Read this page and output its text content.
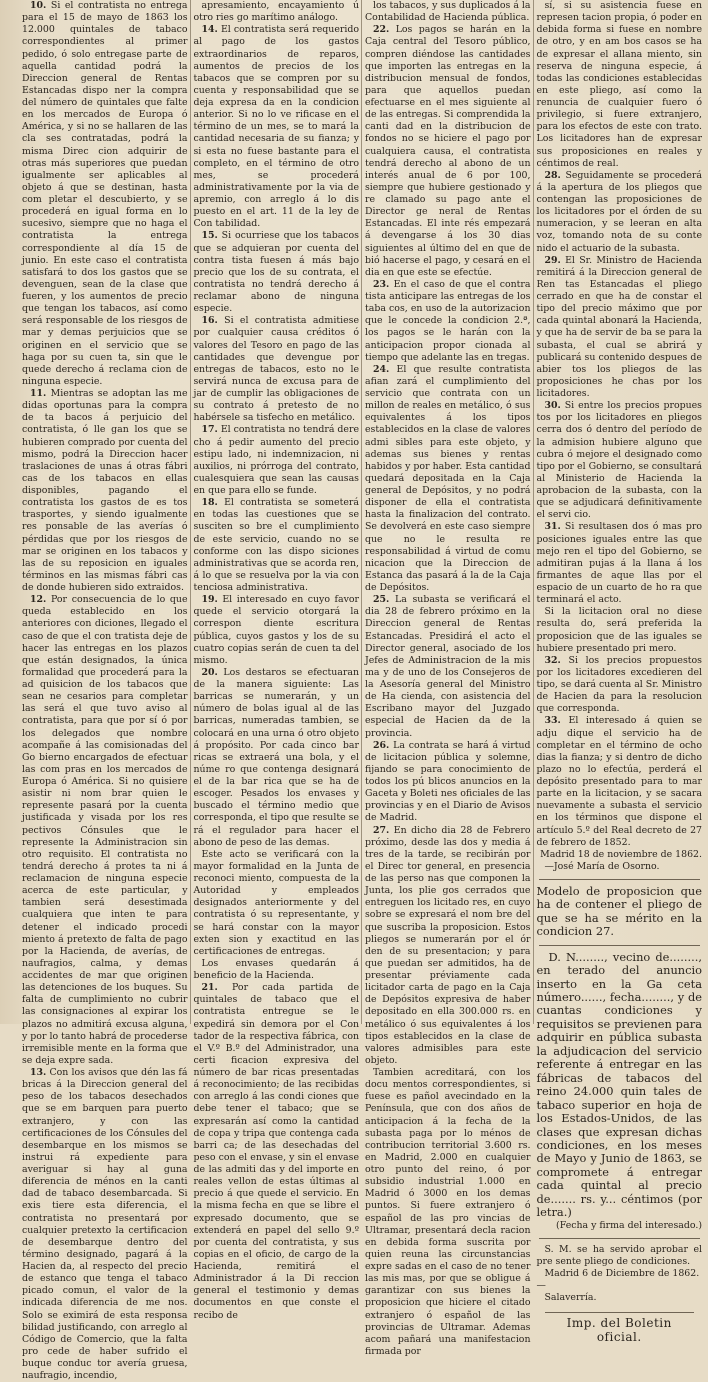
10. Si el contratista no entrega para el 15 de mayo de 1863 los 12.000 quintales de tabaco correspondientes al primer pedido, ó solo entregase parte de aquella cantidad podrá la Direccion general de Rentas Estancadas dispo ner la compra del número de quintales que falte en los mercados de Europa ó América, y si no se hallaren de las cla ses contratadas, podrá la misma Direc cion adquirir de otras más superiores que puedan igualmente ser aplicables al objeto á que se destinan, hasta com pletar el descubierto, y se procederá en igual forma en lo sucesivo, siempre que no haga el contratista la entrega correspondiente al día 15 de junio. En este caso el contratista satisfará to dos los gastos que se devenguen, sean de la clase que fueren, y los aumentos de precio que tengan los tabacos, así como será responsable de los riesgos de mar y demas perjuicios que se originen en el servicio que se haga por su cuen ta, sin que le quede derecho á reclama cion de ninguna especie.

11. Mientras se adoptan las me didas oportunas para la compra de ta bacos á perjuicio del contratista, ó lle gan los que se hubieren comprado por cuenta del mismo, podrá la Direccion hacer traslaciones de unas á otras fábri cas de los tabacos en ellas disponibles, pagando el contratista los gastos de es tos trasportes, y siendo igualmente res ponsable de las averías ó pérdidas que por los riesgos de mar se originen en los tabacos y las de su reposicion en iguales términos en las mismas fábri cas de donde hubieren sido extraidos.

12. Por consecuencia de lo que queda establecido en los anteriores con diciones, llegado el caso de que el con tratista deje de hacer las entregas en los plazos que están designados, la única formalidad que procederá para la ad quisicion de los tabacos que sean ne cesarios para completar las será el que tuvo aviso al contratista, para que por sí ó por los delegados que nombre acompañe á las comisionadas del Go bierno encargados de efectuar las com pras en los mercados de Europa ó América. Si no quisiere asistir ni nom brar quien le represente pasará por la cuenta justificada y visada por los res pectivos Cónsules que le represente la Administracion sin otro requisito. El contratista no tendrá derecho á protes ta ni á reclamacion de ninguna especie acerca de este particular, y tambien será desestimada cualquiera que inten te para detener el indicado procedi miento á pretexto de falta de pago por la Hacienda, de averías, de naufragios, calma, y demas accidentes de mar que originen las detenciones de los buques. Su falta de cumplimiento no cubrir las consignaciones al expirar los plazos no admitirá excusa alguna, y por lo tanto habrá de procederse irremisible mente en la forma que se deja expre sada.

13. Con los avisos que dén las fá bricas á la Direccion general del peso de los tabacos desechados que se em barquen para puerto extranjero, y con las certificaciones de los Cónsules del desembarque en los mismos se instrui rá expediente para averiguar si hay al guna diferencia de ménos en la canti dad de tabaco desembarcada. Si exis tiere esta diferencia, el contratista no presentará por cualquier pretexto la certificacion de desembarque dentro del término designado, pagará á la Hacien da, al respecto del precio de estanco que tenga el tabaco picado comun, el valor de la indicada diferencia de me nos. Solo se eximirá de esta responsa bilidad justificando, con arreglo al Código de Comercio, que la falta pro cede de haber sufrido el buque conduc tor avería gruesa, naufragio, incendio,

apresamiento, encayamiento ú otro ries go marítimo análogo.

14. El contratista será requerido al pago de los gastos extraordinarios de reparos, aumentos de precios de los tabacos que se compren por su cuenta y responsabilidad que se deja expresa da en la condicion anterior. Si no lo ve rificase en el término de un mes, se to mará la cantidad necesaria de su fianza; y si esta no fuese bastante para el completo, en el término de otro mes, se procederá administrativamente por la via de apremio, con arreglo á lo dis puesto en el art. 11 de la ley de Con tabilidad.

15. Si ocurriese que los tabacos que se adquieran por cuenta del contra tista fuesen á más bajo precio que los de su contrata, el contratista no tendrá derecho á reclamar abono de ninguna especie.

16. Si el contratista admitiese por cualquier causa créditos ó valores del Tesoro en pago de las cantidades que devengue por entregas de tabacos, esto no le servirá nunca de excusa para de jar de cumplir las obligaciones de su contrato á pretesto de no habérsele sa tisfecho en metálico.

17. El contratista no tendrá dere cho á pedir aumento del precio estipu lado, ni indemnizacion, ni auxilios, ni prórroga del contrato, cualesquiera que sean las causas en que para ello se funde.

18. El contratista se someterá en todas las cuestiones que se susciten so bre el cumplimiento de este servicio, cuando no se conforme con las dispo siciones administrativas que se acorda ren, á lo que se resuelva por la via con tenciosa administrativa.

19. El interesado en cuyo favor quede el servicio otorgará la correspon diente escritura pública, cuyos gastos y los de su cuatro copias serán de cuen ta del mismo.

20. Los destaros se efectuaran de la manera siguiente: Las barricas se numerarán, y un número de bolas igual al de las barricas, numeradas tambien, se colocará en una urna ó otro objeto á propósito. Por cada cinco bar ricas se extraerá una bola, y el núme ro que contenga designará el de la bar rica que se ha de escoger. Pesados los envases y buscado el término medio que corresponda, el tipo que resulte se rá el regulador para hacer el abono de peso de las demas.

Este acto se verificará con la mayor formalidad en la Junta de reconoci miento, compuesta de la Autoridad y empleados designados anteriormente y del contratista ó su representante, y se hará constar con la mayor exten sion y exactitud en las certificaciones de entregas.

Los envases quedarán á beneficio de la Hacienda.

21. Por cada partida de quintales de tabaco que el contratista entregue se le expedirá sin demora por el Con tador de la respectiva fábrica, con el V.º B.º del Administrador, una certi ficacion expresiva del número de bar ricas presentadas á reconocimiento; de las recibidas con arreglo á las condi ciones que debe tener el tabaco; que se expresarán así como la cantidad de copa y tripa que contenga cada barri ca; de las desechadas del peso con el envase, y sin el envase de las admiti das y del importe en reales vellon de estas últimas al precio á que quede el servicio. En la misma fecha en que se libre el expresado documento, que se extenderá en papel del sello 9.º por cuenta del contratista, y sus copias en el oficio, de cargo de la Hacienda, remitirá el Administrador á la Di reccion general el testimonio y demas documentos en que conste el recibo de

los tabacos, y sus duplicados á la Contabilidad de Hacienda pública.

22. Los pagos se harán en la Caja central del Tesoro público, compren diéndose las cantidades que importen las entregas en la distribucion mensual de fondos, para que aquellos puedan efectuarse en el mes siguiente al de las entregas. Si comprendida la canti dad en la distribucion de fondos no se hiciere el pago por cualquiera causa, el contratista tendrá derecho al abono de un interés anual de 6 por 100, siempre que hubiere gestionado y re clamado su pago ante el Director ge neral de Rentas Estancadas. El inte rés empezará á devengarse á los 30 dias siguientes al último del en que de bió hacerse el pago, y cesará en el dia en que este se efectúe.

23. En el caso de que el contra tista anticipare las entregas de los taba cos, en uso de la autorizacion que le concede la condicion 2.ª, los pagos se le harán con la anticipacion propor cionada al tiempo que adelante las en tregas.

24. El que resulte contratista afian zará el cumplimiento del servicio que contrata con un millon de reales en metálico, ó sus equivalentes á los tipos establecidos en la clase de valores admi sibles para este objeto, y ademas sus bienes y rentas habidos y por haber. Esta cantidad quedará depositada en la Caja general de Depósitos, y no podrá disponer de ella el contratista hasta la finalizacion del contrato. Se devolverá en este caso siempre que no le resulta re responsabilidad á virtud de comu nicacion que la Direccion de Estanca das pasará á la de la Caja de Depósitos.

25. La subasta se verificará el dia 28 de febrero próximo en la Direccion general de Rentas Estancadas. Presidirá el acto el Director general, asociado de los Jefes de Administracion de la mis ma y de uno de los Consejeros de la Asesoría general del Ministro de Ha cienda, con asistencia del Escribano mayor del Juzgado especial de Hacien da de la provincia.

26. La contrata se hará á virtud de licitacion pública y solemne, fijando se para conocimiento de todos los pú blicos anuncios en la Gaceta y Boleti nes oficiales de las provincias y en el Diario de Avisos de Madrid.

27. En dicho dia 28 de Febrero próximo, desde las dos y media á tres de la tarde, se recibirán por el Direc tor general, en presencia de las perso nas que componen la Junta, los plie gos cerrados que entreguen los licitado res, en cuyo sobre se expresará el nom bre del que suscriba la proposicion. Estos pliegos se numerarán por el ór den de su presentacion; y para que puedan ser admitidos, ha de presentar préviamente cada licitador carta de pago en la Caja de Depósitos expresiva de haber depositado en ella 300.000 rs. en metálico ó sus equivalentes á los tipos establecidos en la clase de valores admisibles para este objeto.

Tambien acreditará, con los docu mentos correspondientes, si fuese es pañol avecindado en la Península, que con dos años de anticipacion á la fecha de la subasta paga por lo ménos de contribucion territorial 3.600 rs. en Madrid, 2.000 en cualquier otro punto del reino, ó por subsidio industrial 1.000 en Madrid ó 3000 en los demas puntos. Si fuere extranjero ó español de las pro vincias de Ultramar, presentará decla racion en debida forma suscrita por quien reuna las circunstancias expre sadas en el caso de no tener las mis mas, por que se obligue á garantizar con sus bienes la proposicion que hiciere el citado extranjero ó español de las provincias de Ultramar. Ademas acom pañará una manifestacion firmada por

sí, si su asistencia fuese en represen tacion propia, ó poder en debida forma si fuese en nombre de otro, y en am bos casos se ha de expresar el allana miento, sin reserva de ninguna especie, á todas las condiciones establecidas en este pliego, así como la renuncia de cualquier fuero ó privilegio, si fuere extranjero, para los efectos de este con trato. Los licitadores han de expresar sus proposiciones en reales y céntimos de real.

28. Seguidamente se procederá á la apertura de los pliegos que contengan las proposiciones de los licitadores por el órden de su numeracion, y se leeran en alta voz, tomando nota de su conte nido el actuario de la subasta.

29. El Sr. Ministro de Hacienda remitirá á la Direccion general de Ren tas Estancadas el pliego cerrado en que ha de constar el tipo del precio máximo que por cada quintal abonará la Hacienda, y que ha de servir de ba se para la subasta, el cual se abrirá y publicará su contenido despues de abier tos los pliegos de las proposiciones he chas por los licitadores.

30. Si entre los precios propues tos por los licitadores en pliegos cerra dos ó dentro del período de la admision hubiere alguno que cubra ó mejore el designado como tipo por el Gobierno, se consultará al Ministerio de Hacienda la aprobacion de la subasta, con la que se adjudicará definitivamente el servi cio.

31. Si resultasen dos ó mas pro posiciones iguales entre las que mejo ren el tipo del Gobierno, se admitiran pujas á la llana á los firmantes de aque llas por el espacio de un cuarto de ho ra que terminará el acto.

Si la licitacion oral no diese resulta do, será preferida la proposicion que de las iguales se hubiere presentado pri mero.

32. Si los precios propuestos por los licitadores excedieren del tipo, se dará cuenta al Sr. Ministro de Hacien da para la resolucion que corresponda.

33. El interesado á quien se adju dique el servicio ha de completar en el término de ocho dias la fianza; y si dentro de dicho plazo no lo efectúa, perderá el depósito presentado para to mar parte en la licitacion, y se sacara nuevamente a subasta el servicio en los términos que dispone el artículo 5.º del Real decreto de 27 de febrero de 1852.

Madrid 18 de noviembre de 1862.

—José María de Osorno.

Modelo de proposicion que ha de contener el pliego de que se ha se mérito en la condicion 27.

D. N........, vecino de........, en terado del anuncio inserto en la Ga ceta número......, fecha........, y de cuantas condiciones y requisitos se previenen para adquirir en pública subasta la adjudicacion del servicio referente á entregar en las fábricas de tabacos del reino 24.000 quin tales de tabaco superior en hoja de los Estados-Unidos, de las clases que expresan dichas condiciones, en los meses de Mayo y Junio de 1863, se compromete á entregar cada quintal al precio de....... rs. y... céntimos (por letra.)

(Fecha y firma del interesado.)

S. M. se ha servido aprobar el pre sente pliego de condiciones.

Madrid 6 de Diciembre de 1862.—

Salaverría.

Imp. del Boletin oficial.
